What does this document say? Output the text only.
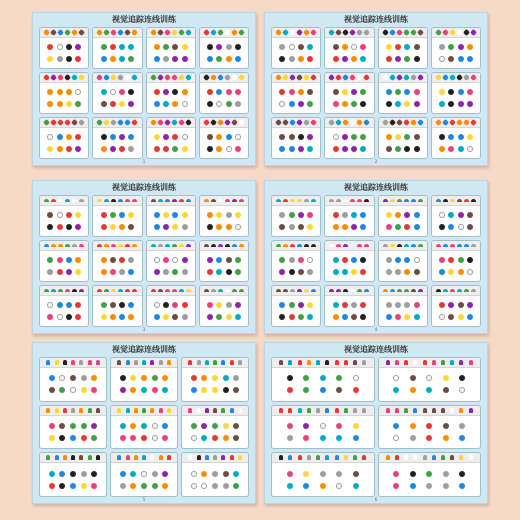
视觉追踪连线训练
1
视觉追踪连线训练
2
视觉追踪连线训练
3
视觉追踪连线训练
4
视觉追踪连线训练
5
视觉追踪连线训练
6
